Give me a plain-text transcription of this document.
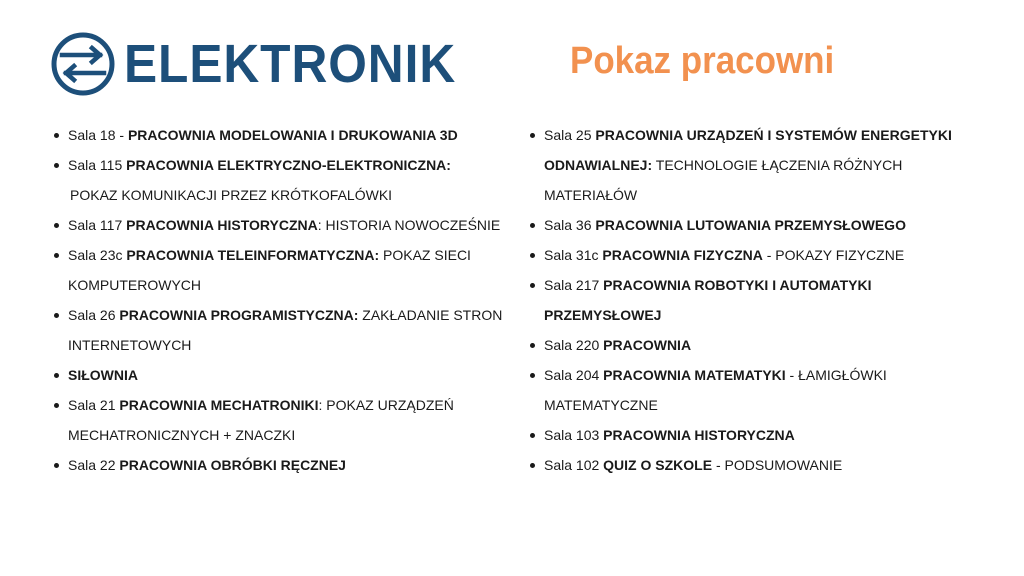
ELEKTRONIK	Pokaz pracowni
Sala 18 - PRACOWNIA MODELOWANIA I DRUKOWANIA 3D
Sala 115 PRACOWNIA ELEKTRYCZNO-ELEKTRONICZNA:
POKAZ KOMUNIKACJI PRZEZ KRÓTKOFALÓWKI
Sala 117 PRACOWNIA HISTORYCZNA: HISTORIA NOWOCZEŚNIE
Sala 23c PRACOWNIA TELEINFORMATYCZNA: POKAZ SIECI KOMPUTEROWYCH
Sala 26 PRACOWNIA PROGRAMISTYCZNA: ZAKŁADANIE STRON INTERNETOWYCH
SIŁOWNIA
Sala 21 PRACOWNIA MECHATRONIKI: POKAZ URZĄDZEŃ MECHATRONICZNYCH + ZNACZKI
Sala 22 PRACOWNIA OBRÓBKI RĘCZNEJ
Sala 25 PRACOWNIA URZĄDZEŃ I SYSTEMÓW ENERGETYKI ODNAWIALNEJ: TECHNOLOGIE ŁĄCZENIA RÓŻNYCH MATERIAŁÓW
Sala 36 PRACOWNIA LUTOWANIA PRZEMYSŁOWEGO
Sala 31c PRACOWNIA FIZYCZNA - POKAZY FIZYCZNE
Sala 217 PRACOWNIA ROBOTYKI I AUTOMATYKI PRZEMYSŁOWEJ
Sala 220 PRACOWNIA
Sala 204 PRACOWNIA MATEMATYKI - ŁAMIGŁÓWKI MATEMATYCZNE
Sala 103 PRACOWNIA HISTORYCZNA
Sala 102 QUIZ O SZKOLE - PODSUMOWANIE
